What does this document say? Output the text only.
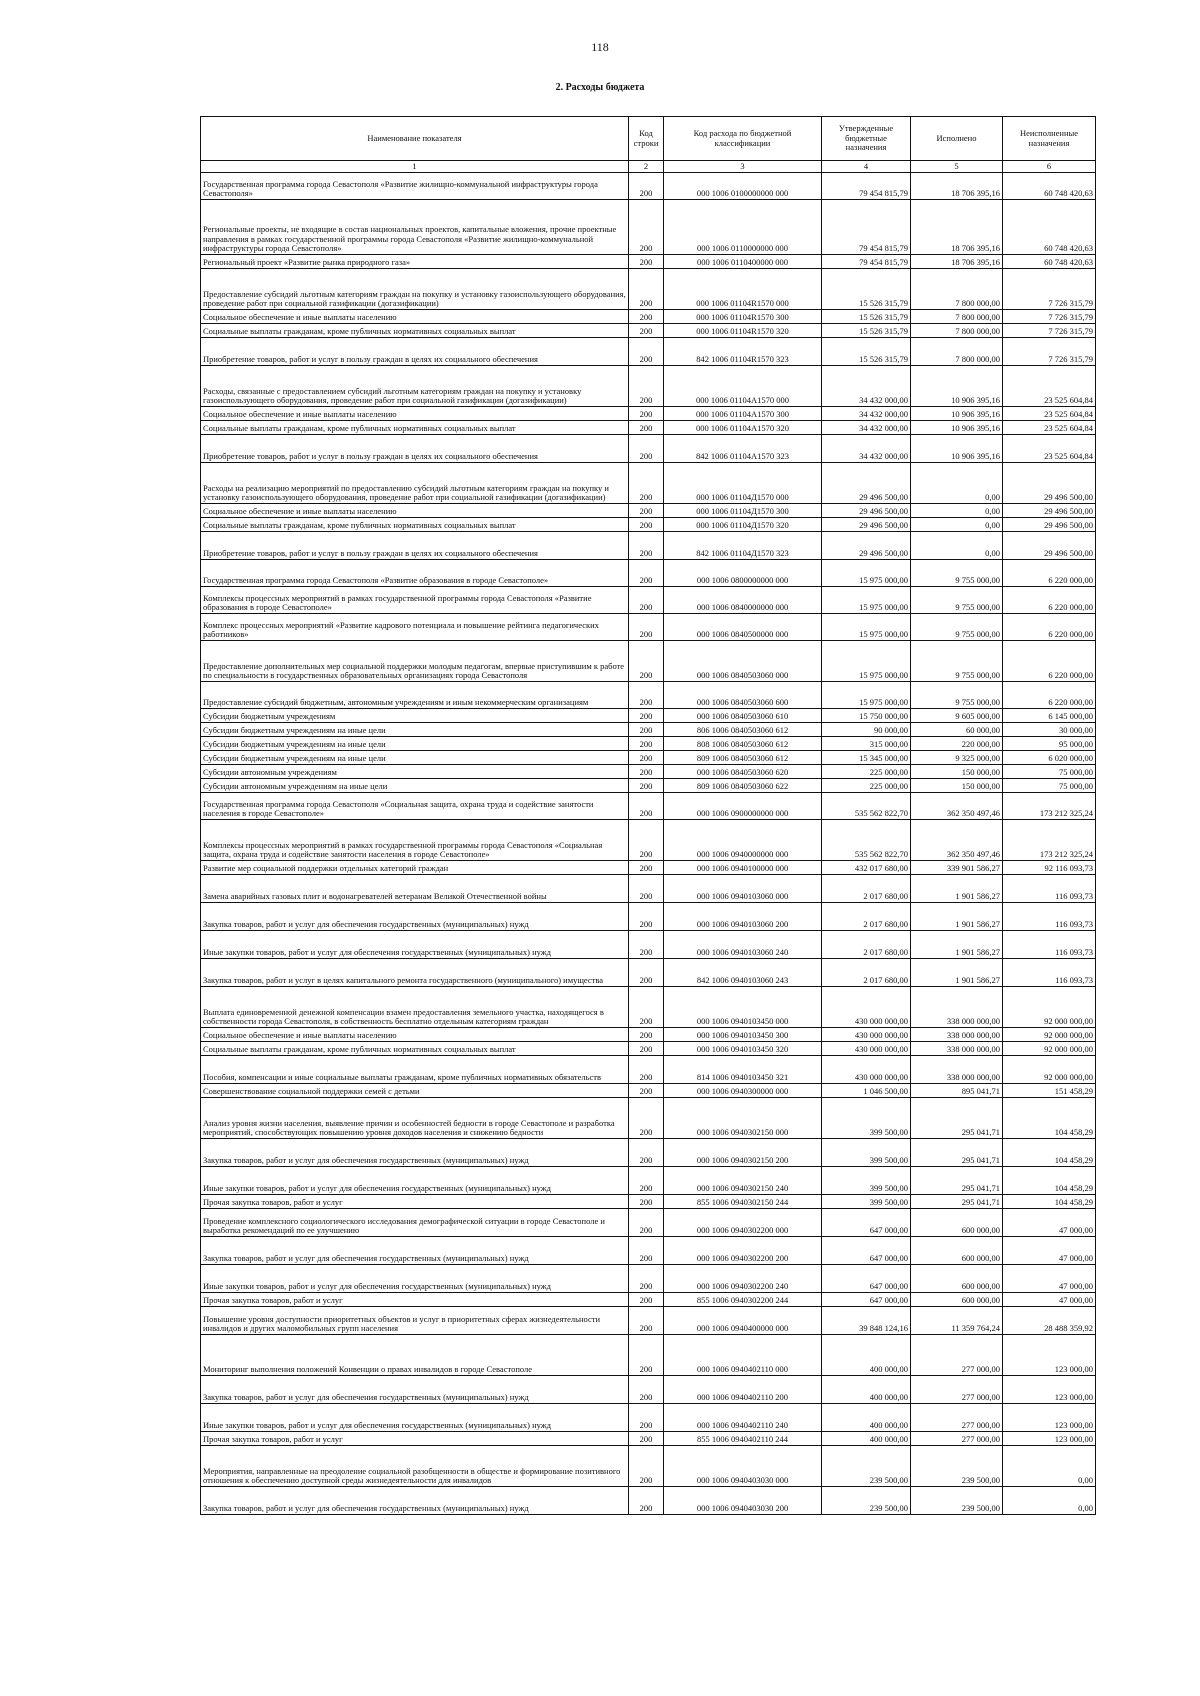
118
2. Расходы бюджета
Наименование показателя	Код строки	Код расхода по бюджетной классификации	Утвержденные бюджетные назначения	Исполнено	Неисполненные назначения
1	2	3	4	5	6
Государственная программа города Севастополя «Развитие жилищно-коммунальной инфраструктуры города Севастополя»	200	000 1006 0100000000 000	79 454 815,79	18 706 395,16	60 748 420,63
Региональные проекты, не входящие в состав национальных проектов, капитальные вложения, прочие проектные направления в рамках государственной программы города Севастополя «Развитие жилищно-коммунальной инфраструктуры города Севастополя»	200	000 1006 0110000000 000	79 454 815,79	18 706 395,16	60 748 420,63
Региональный проект «Развитие рынка природного газа»	200	000 1006 0110400000 000	79 454 815,79	18 706 395,16	60 748 420,63
Предоставление субсидий льготным категориям граждан на покупку и установку газоиспользующего оборудования, проведение работ при социальной газификации (догазификации)	200	000 1006 01104R1570 000	15 526 315,79	7 800 000,00	7 726 315,79
Социальное обеспечение и иные выплаты населению	200	000 1006 01104R1570 300	15 526 315,79	7 800 000,00	7 726 315,79
Социальные выплаты гражданам, кроме публичных нормативных социальных выплат	200	000 1006 01104R1570 320	15 526 315,79	7 800 000,00	7 726 315,79
Приобретение товаров, работ и услуг в пользу граждан в целях их социального обеспечения	200	842 1006 01104R1570 323	15 526 315,79	7 800 000,00	7 726 315,79
Расходы, связанные с предоставлением субсидий льготным категориям граждан на покупку и установку газоиспользующего оборудования, проведение работ при социальной газификации (догазификации)	200	000 1006 01104А1570 000	34 432 000,00	10 906 395,16	23 525 604,84
Социальное обеспечение и иные выплаты населению	200	000 1006 01104А1570 300	34 432 000,00	10 906 395,16	23 525 604,84
Социальные выплаты гражданам, кроме публичных нормативных социальных выплат	200	000 1006 01104А1570 320	34 432 000,00	10 906 395,16	23 525 604,84
Приобретение товаров, работ и услуг в пользу граждан в целях их социального обеспечения	200	842 1006 01104А1570 323	34 432 000,00	10 906 395,16	23 525 604,84
Расходы на реализацию мероприятий по предоставлению субсидий льготным категориям граждан на покупку и установку газоиспользующего оборудования, проведение работ при социальной газификации (догазификации)	200	000 1006 01104Д1570 000	29 496 500,00	0,00	29 496 500,00
Социальное обеспечение и иные выплаты населению	200	000 1006 01104Д1570 300	29 496 500,00	0,00	29 496 500,00
Социальные выплаты гражданам, кроме публичных нормативных социальных выплат	200	000 1006 01104Д1570 320	29 496 500,00	0,00	29 496 500,00
Приобретение товаров, работ и услуг в пользу граждан в целях их социального обеспечения	200	842 1006 01104Д1570 323	29 496 500,00	0,00	29 496 500,00
Государственная программа города Севастополя «Развитие образования в городе Севастополе»	200	000 1006 0800000000 000	15 975 000,00	9 755 000,00	6 220 000,00
Комплексы процессных мероприятий в рамках государственной программы города Севастополя «Развитие образования в городе Севастополе»	200	000 1006 0840000000 000	15 975 000,00	9 755 000,00	6 220 000,00
Комплекс процессных мероприятий «Развитие кадрового потенциала и повышение рейтинга педагогических работников»	200	000 1006 0840500000 000	15 975 000,00	9 755 000,00	6 220 000,00
Предоставление дополнительных мер социальной поддержки молодым педагогам, впервые приступившим к работе по специальности в государственных образовательных организациях города Севастополя	200	000 1006 0840503060 000	15 975 000,00	9 755 000,00	6 220 000,00
Предоставление субсидий бюджетным, автономным учреждениям и иным некоммерческим организациям	200	000 1006 0840503060 600	15 975 000,00	9 755 000,00	6 220 000,00
Субсидии бюджетным учреждениям	200	000 1006 0840503060 610	15 750 000,00	9 605 000,00	6 145 000,00
Субсидии бюджетным учреждениям на иные цели	200	806 1006 0840503060 612	90 000,00	60 000,00	30 000,00
Субсидии бюджетным учреждениям на иные цели	200	808 1006 0840503060 612	315 000,00	220 000,00	95 000,00
Субсидии бюджетным учреждениям на иные цели	200	809 1006 0840503060 612	15 345 000,00	9 325 000,00	6 020 000,00
Субсидии автономным учреждениям	200	000 1006 0840503060 620	225 000,00	150 000,00	75 000,00
Субсидии автономным учреждениям на иные цели	200	809 1006 0840503060 622	225 000,00	150 000,00	75 000,00
Государственная программа города Севастополя «Социальная защита, охрана труда и содействие занятости населения в городе Севастополе»	200	000 1006 0900000000 000	535 562 822,70	362 350 497,46	173 212 325,24
Комплексы процессных мероприятий в рамках государственной программы города Севастополя «Социальная защита, охрана труда и содействие занятости населения в городе Севастополе»	200	000 1006 0940000000 000	535 562 822,70	362 350 497,46	173 212 325,24
Развитие мер социальной поддержки отдельных категорий граждан	200	000 1006 0940100000 000	432 017 680,00	339 901 586,27	92 116 093,73
Замена аварийных газовых плит и водонагревателей ветеранам Великой Отечественной войны	200	000 1006 0940103060 000	2 017 680,00	1 901 586,27	116 093,73
Закупка товаров, работ и услуг для обеспечения государственных (муниципальных) нужд	200	000 1006 0940103060 200	2 017 680,00	1 901 586,27	116 093,73
Иные закупки товаров, работ и услуг для обеспечения государственных (муниципальных) нужд	200	000 1006 0940103060 240	2 017 680,00	1 901 586,27	116 093,73
Закупка товаров, работ и услуг в целях капитального ремонта государственного (муниципального) имущества	200	842 1006 0940103060 243	2 017 680,00	1 901 586,27	116 093,73
Выплата единовременной денежной компенсации взамен предоставления земельного участка, находящегося в собственности города Севастополя, в собственность бесплатно отдельным категориям граждан	200	000 1006 0940103450 000	430 000 000,00	338 000 000,00	92 000 000,00
Социальное обеспечение и иные выплаты населению	200	000 1006 0940103450 300	430 000 000,00	338 000 000,00	92 000 000,00
Социальные выплаты гражданам, кроме публичных нормативных социальных выплат	200	000 1006 0940103450 320	430 000 000,00	338 000 000,00	92 000 000,00
Пособия, компенсации и иные социальные выплаты гражданам, кроме публичных нормативных обязательств	200	814 1006 0940103450 321	430 000 000,00	338 000 000,00	92 000 000,00
Совершенствование социальной поддержки семей с детьми	200	000 1006 0940300000 000	1 046 500,00	895 041,71	151 458,29
Анализ уровня жизни населения, выявление причин и особенностей бедности в городе Севастополе и разработка мероприятий, способствующих повышению уровня доходов населения и снижению бедности	200	000 1006 0940302150 000	399 500,00	295 041,71	104 458,29
Закупка товаров, работ и услуг для обеспечения государственных (муниципальных) нужд	200	000 1006 0940302150 200	399 500,00	295 041,71	104 458,29
Иные закупки товаров, работ и услуг для обеспечения государственных (муниципальных) нужд	200	000 1006 0940302150 240	399 500,00	295 041,71	104 458,29
Прочая закупка товаров, работ и услуг	200	855 1006 0940302150 244	399 500,00	295 041,71	104 458,29
Проведение комплексного социологического исследования демографической ситуации в городе Севастополе и выработка рекомендаций по ее улучшению	200	000 1006 0940302200 000	647 000,00	600 000,00	47 000,00
Закупка товаров, работ и услуг для обеспечения государственных (муниципальных) нужд	200	000 1006 0940302200 200	647 000,00	600 000,00	47 000,00
Иные закупки товаров, работ и услуг для обеспечения государственных (муниципальных) нужд	200	000 1006 0940302200 240	647 000,00	600 000,00	47 000,00
Прочая закупка товаров, работ и услуг	200	855 1006 0940302200 244	647 000,00	600 000,00	47 000,00
Повышение уровня доступности приоритетных объектов и услуг в приоритетных сферах жизнедеятельности инвалидов и других маломобильных групп населения	200	000 1006 0940400000 000	39 848 124,16	11 359 764,24	28 488 359,92
Мониторинг выполнения положений Конвенции о правах инвалидов в городе Севастополе	200	000 1006 0940402110 000	400 000,00	277 000,00	123 000,00
Закупка товаров, работ и услуг для обеспечения государственных (муниципальных) нужд	200	000 1006 0940402110 200	400 000,00	277 000,00	123 000,00
Иные закупки товаров, работ и услуг для обеспечения государственных (муниципальных) нужд	200	000 1006 0940402110 240	400 000,00	277 000,00	123 000,00
Прочая закупка товаров, работ и услуг	200	855 1006 0940402110 244	400 000,00	277 000,00	123 000,00
Мероприятия, направленные на преодоление социальной разобщенности в обществе и формирование позитивного отношения к обеспечению доступной среды жизнедеятельности для инвалидов	200	000 1006 0940403030 000	239 500,00	239 500,00	0,00
Закупка товаров, работ и услуг для обеспечения государственных (муниципальных) нужд	200	000 1006 0940403030 200	239 500,00	239 500,00	0,00
